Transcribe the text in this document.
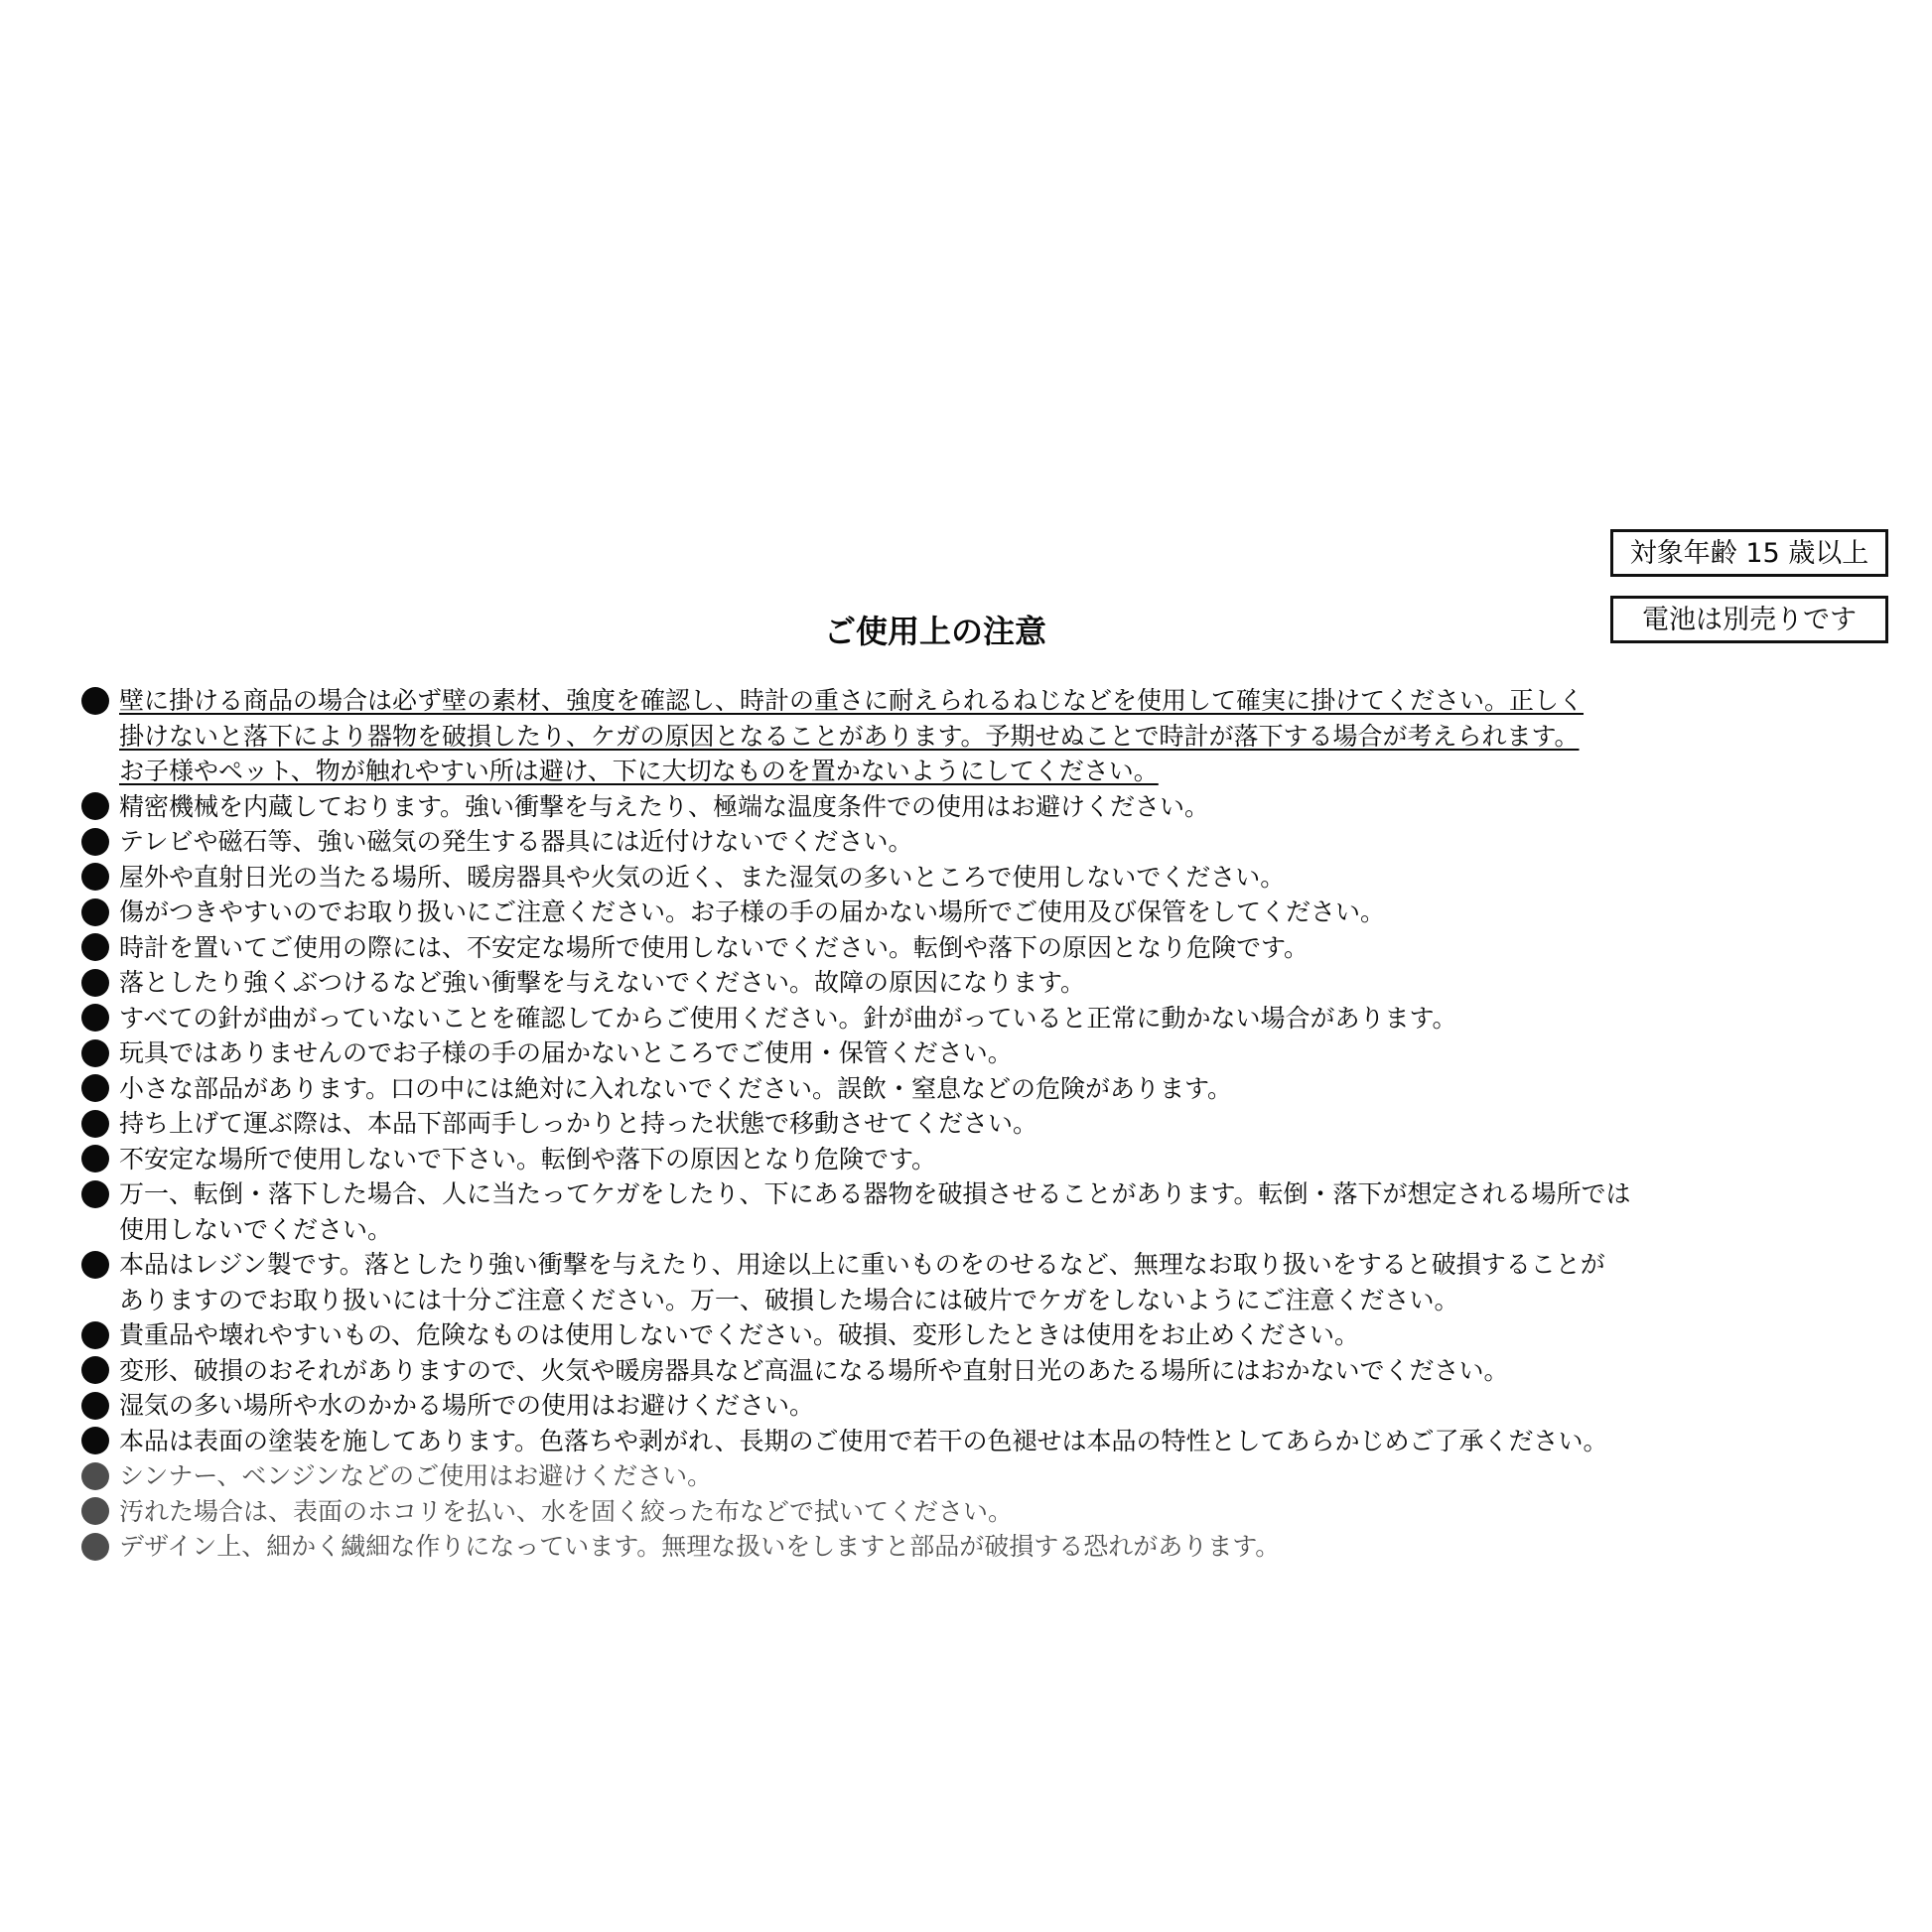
対象年齢 15 歳以上
電池は別売りです
ご使用上の注意
壁に掛ける商品の場合は必ず壁の素材、強度を確認し、時計の重さに耐えられるねじなどを使用して確実に掛けてください。正しく
掛けないと落下により器物を破損したり、ケガの原因となることがあります。予期せぬことで時計が落下する場合が考えられます。
お子様やペット、物が触れやすい所は避け、下に大切なものを置かないようにしてください。
精密機械を内蔵しております。強い衝撃を与えたり、極端な温度条件での使用はお避けください。
テレビや磁石等、強い磁気の発生する器具には近付けないでください。
屋外や直射日光の当たる場所、暖房器具や火気の近く、また湿気の多いところで使用しないでください。
傷がつきやすいのでお取り扱いにご注意ください。お子様の手の届かない場所でご使用及び保管をしてください。
時計を置いてご使用の際には、不安定な場所で使用しないでください。転倒や落下の原因となり危険です。
落としたり強くぶつけるなど強い衝撃を与えないでください。故障の原因になります。
すべての針が曲がっていないことを確認してからご使用ください。針が曲がっていると正常に動かない場合があります。
玩具ではありませんのでお子様の手の届かないところでご使用・保管ください。
小さな部品があります。口の中には絶対に入れないでください。誤飲・窒息などの危険があります。
持ち上げて運ぶ際は、本品下部両手しっかりと持った状態で移動させてください。
不安定な場所で使用しないで下さい。転倒や落下の原因となり危険です。
万一、転倒・落下した場合、人に当たってケガをしたり、下にある器物を破損させることがあります。転倒・落下が想定される場所では
使用しないでください。
本品はレジン製です。落としたり強い衝撃を与えたり、用途以上に重いものをのせるなど、無理なお取り扱いをすると破損することが
ありますのでお取り扱いには十分ご注意ください。万一、破損した場合には破片でケガをしないようにご注意ください。
貴重品や壊れやすいもの、危険なものは使用しないでください。破損、変形したときは使用をお止めください。
変形、破損のおそれがありますので、火気や暖房器具など高温になる場所や直射日光のあたる場所にはおかないでください。
湿気の多い場所や水のかかる場所での使用はお避けください。
本品は表面の塗装を施してあります。色落ちや剥がれ、長期のご使用で若干の色褪せは本品の特性としてあらかじめご了承ください。
シンナー、ベンジンなどのご使用はお避けください。
汚れた場合は、表面のホコリを払い、水を固く絞った布などで拭いてください。
デザイン上、細かく繊細な作りになっています。無理な扱いをしますと部品が破損する恐れがあります。
